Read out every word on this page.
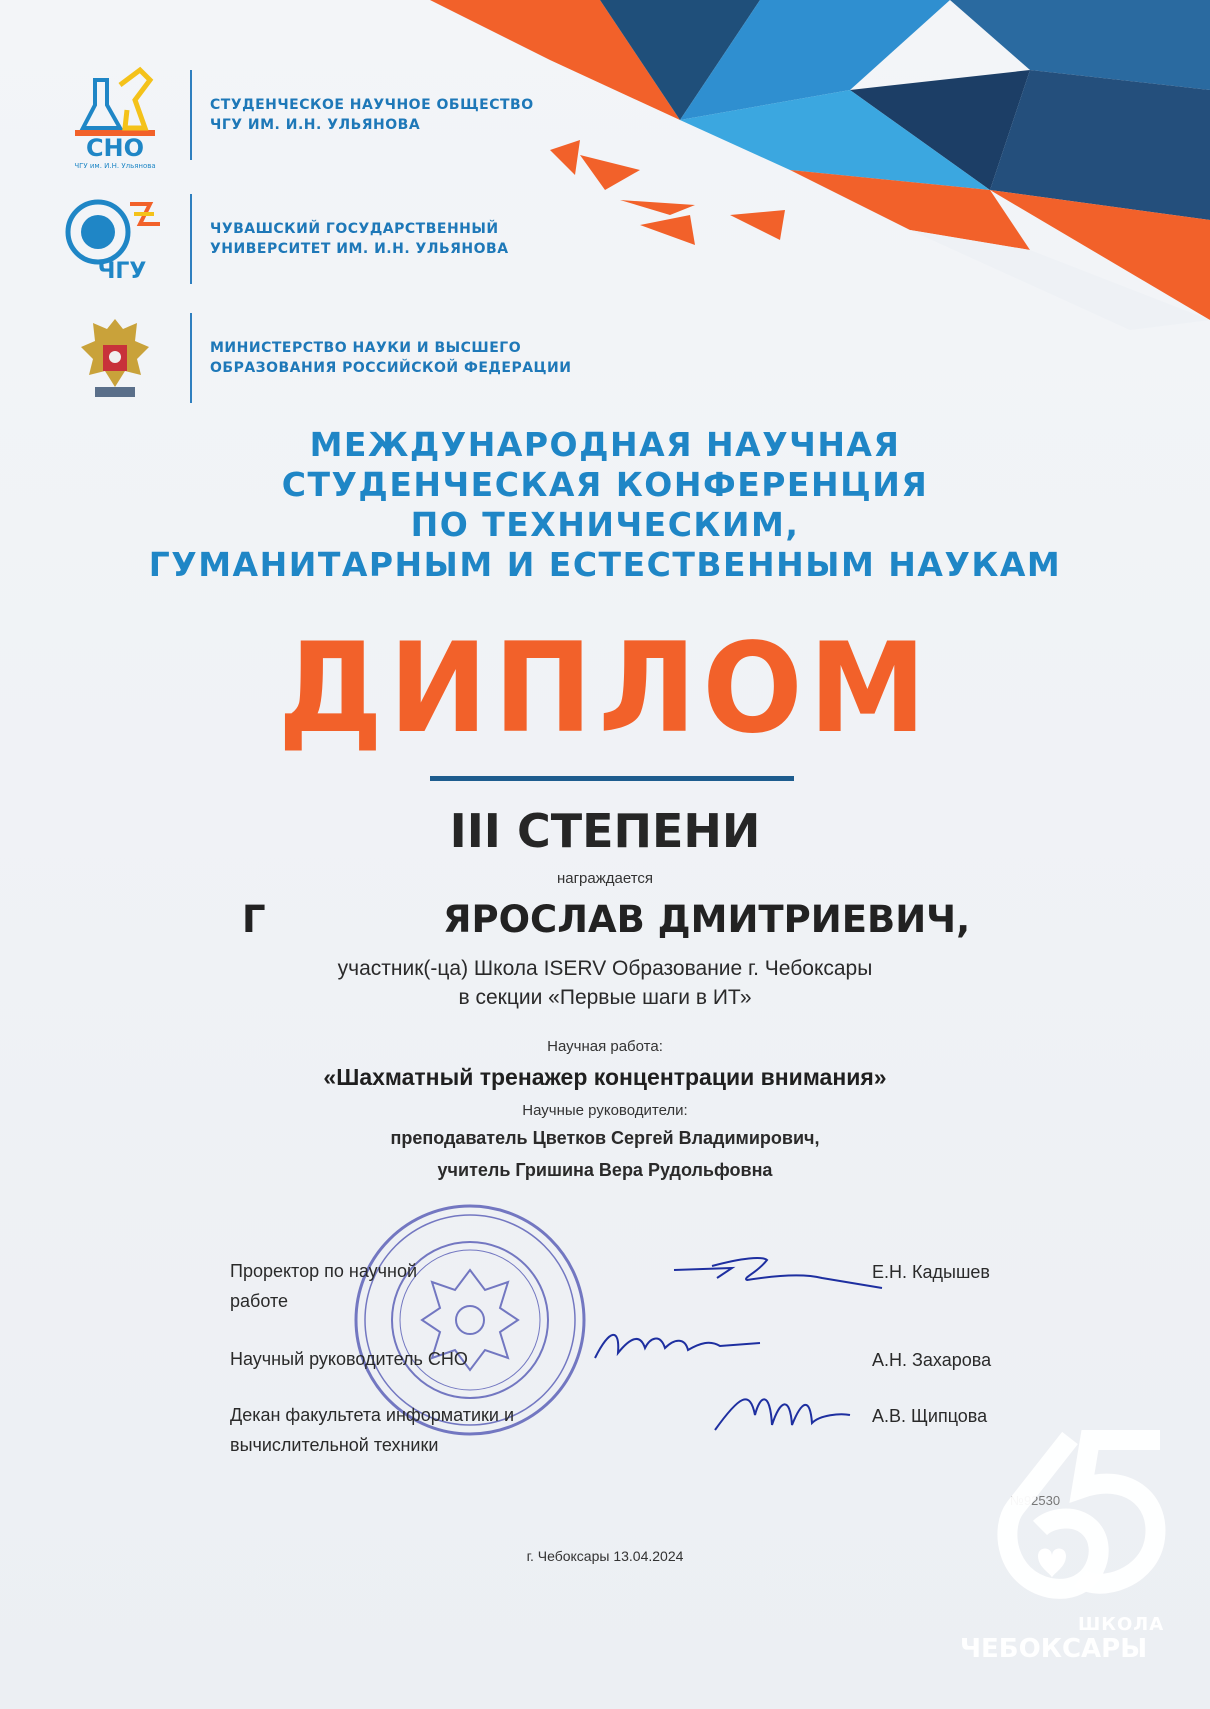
СНО
ЧГУ им. И.Н. Ульянова
СТУДЕНЧЕСКОЕ НАУЧНОЕ ОБЩЕСТВО
ЧГУ ИМ. И.Н. УЛЬЯНОВА
ЧГУ
ЧУВАШСКИЙ ГОСУДАРСТВЕННЫЙ
УНИВЕРСИТЕТ ИМ. И.Н. УЛЬЯНОВА
МИНИСТЕРСТВО НАУКИ И ВЫСШЕГО
ОБРАЗОВАНИЯ РОССИЙСКОЙ ФЕДЕРАЦИИ
МЕЖДУНАРОДНАЯ НАУЧНАЯ
СТУДЕНЧЕСКАЯ КОНФЕРЕНЦИЯ
ПО ТЕХНИЧЕСКИМ,
ГУМАНИТАРНЫМ И ЕСТЕСТВЕННЫМ НАУКАМ
ДИПЛОМ
III СТЕПЕНИ
награждается
Г	ЯРОСЛАВ ДМИТРИЕВИЧ,
участник(-ца) Школа ISERV Образование г. Чебоксары
в секции «Первые шаги в ИТ»
Научная работа:
«Шахматный тренажер концентрации внимания»
Научные руководители:
преподаватель Цветков Сергей Владимирович,
учитель Гришина Вера Рудольфовна
Проректор по научной
работе
Е.Н. Кадышев
Научный руководитель СНО	А.Н. Захарова
Декан факультета информатики и
вычислительной техники
А.В. Щипцова
№92530
г. Чебоксары 13.04.2024
ШКОЛА
ЧЕБОКСАРЫ
